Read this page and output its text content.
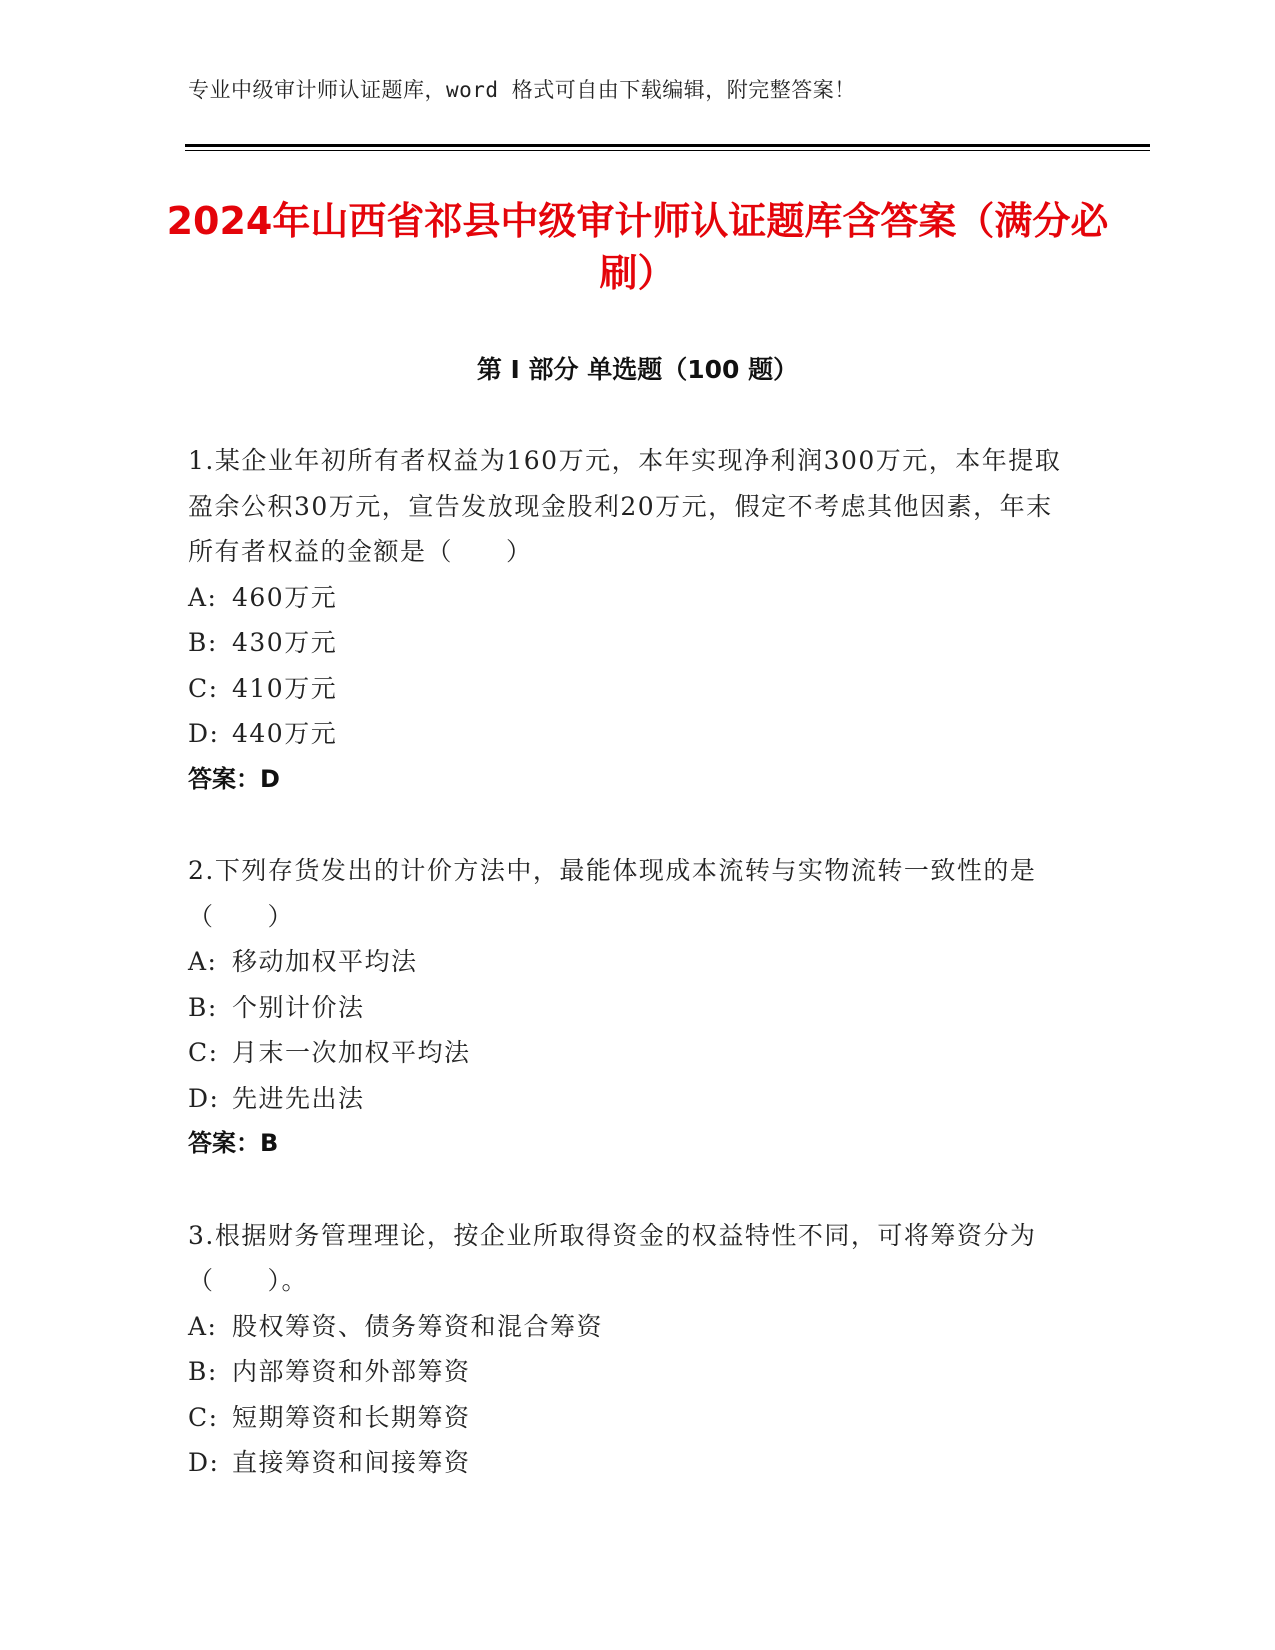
专业中级审计师认证题库，word 格式可自由下载编辑，附完整答案！
2024年山西省祁县中级审计师认证题库含答案（满分必刷）
第 I 部分 单选题（100 题）

1.某企业年初所有者权益为160万元，本年实现净利润300万元，本年提取盈余公积30万元，宣告发放现金股利20万元，假定不考虑其他因素，年末所有者权益的金额是（　　）

A: 460万元

B: 430万元

C: 410万元

D: 440万元

答案：D

2.下列存货发出的计价方法中，最能体现成本流转与实物流转一致性的是（　　）

A: 移动加权平均法

B: 个别计价法

C: 月末一次加权平均法

D: 先进先出法

答案：B

3.根据财务管理理论，按企业所取得资金的权益特性不同，可将筹资分为（　　）。

A: 股权筹资、债务筹资和混合筹资

B: 内部筹资和外部筹资

C: 短期筹资和长期筹资

D: 直接筹资和间接筹资
